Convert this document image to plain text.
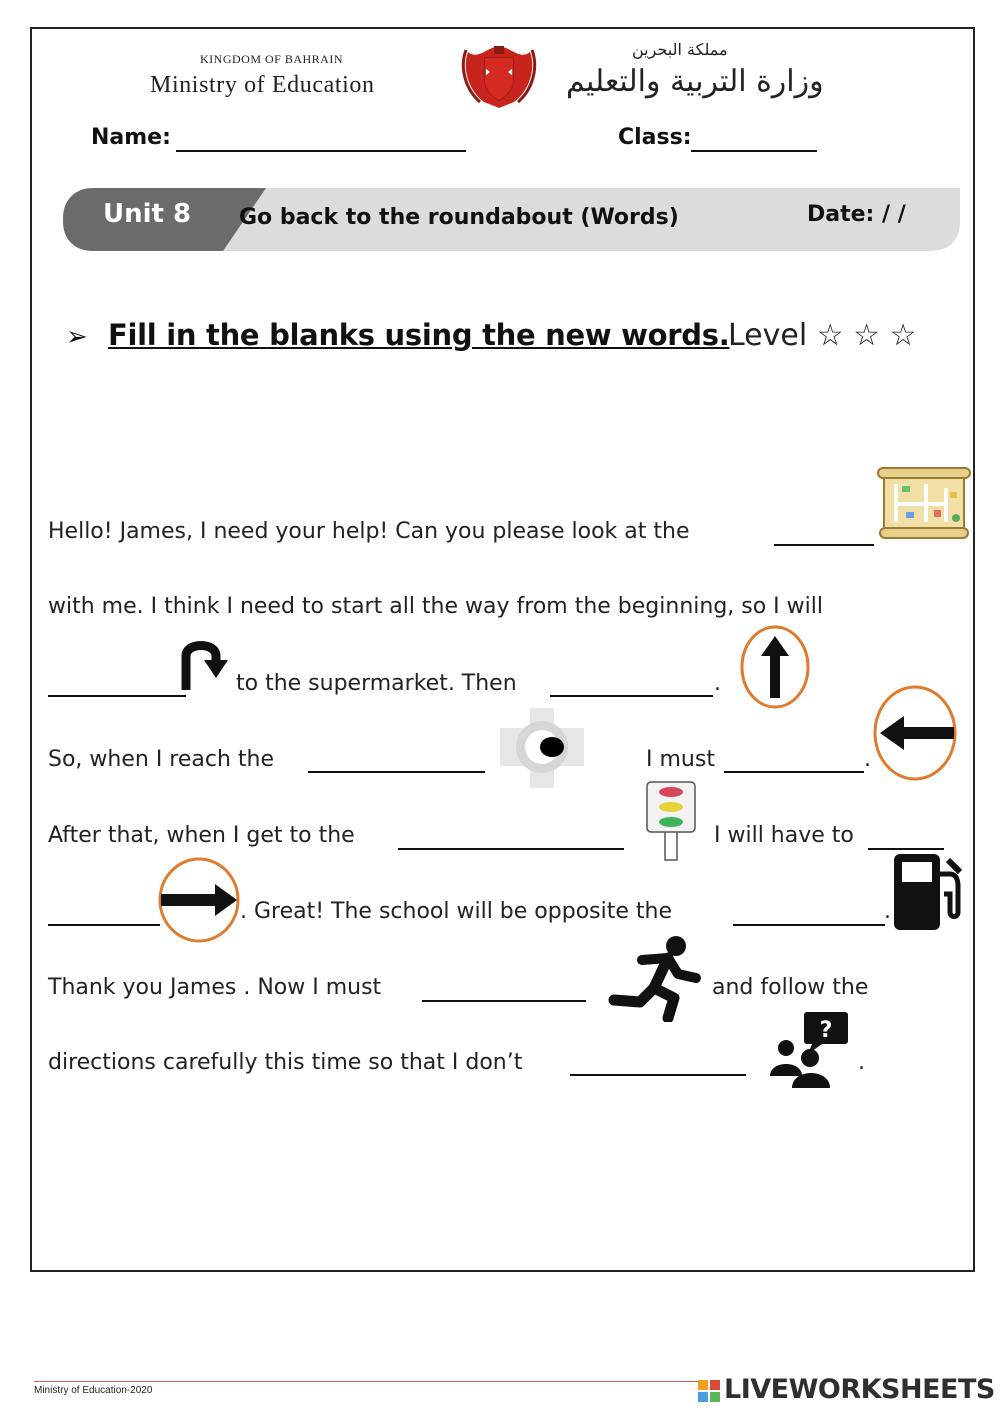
KINGDOM OF BAHRAIN
Ministry of Education
مملكة البحرين
وزارة التربية والتعليم
Name:	Class:
Unit 8 Go back to the roundabout (Words)	Date: / /
➢ Fill in the blanks using the new words.
Level ☆ ☆ ☆
Hello! James, I need your help! Can you please look at the
with me. I think I need to start all the way from the beginning, so I will
to the supermarket. Then	.
So, when I reach the	I must	.
After that, when I get to the	I will have to
. Great! The school will be opposite the	.
Thank you James . Now I must	and follow the
directions carefully this time so that I don’t
?
.
Ministry of Education-2020	LIVEWORKSHEETS
